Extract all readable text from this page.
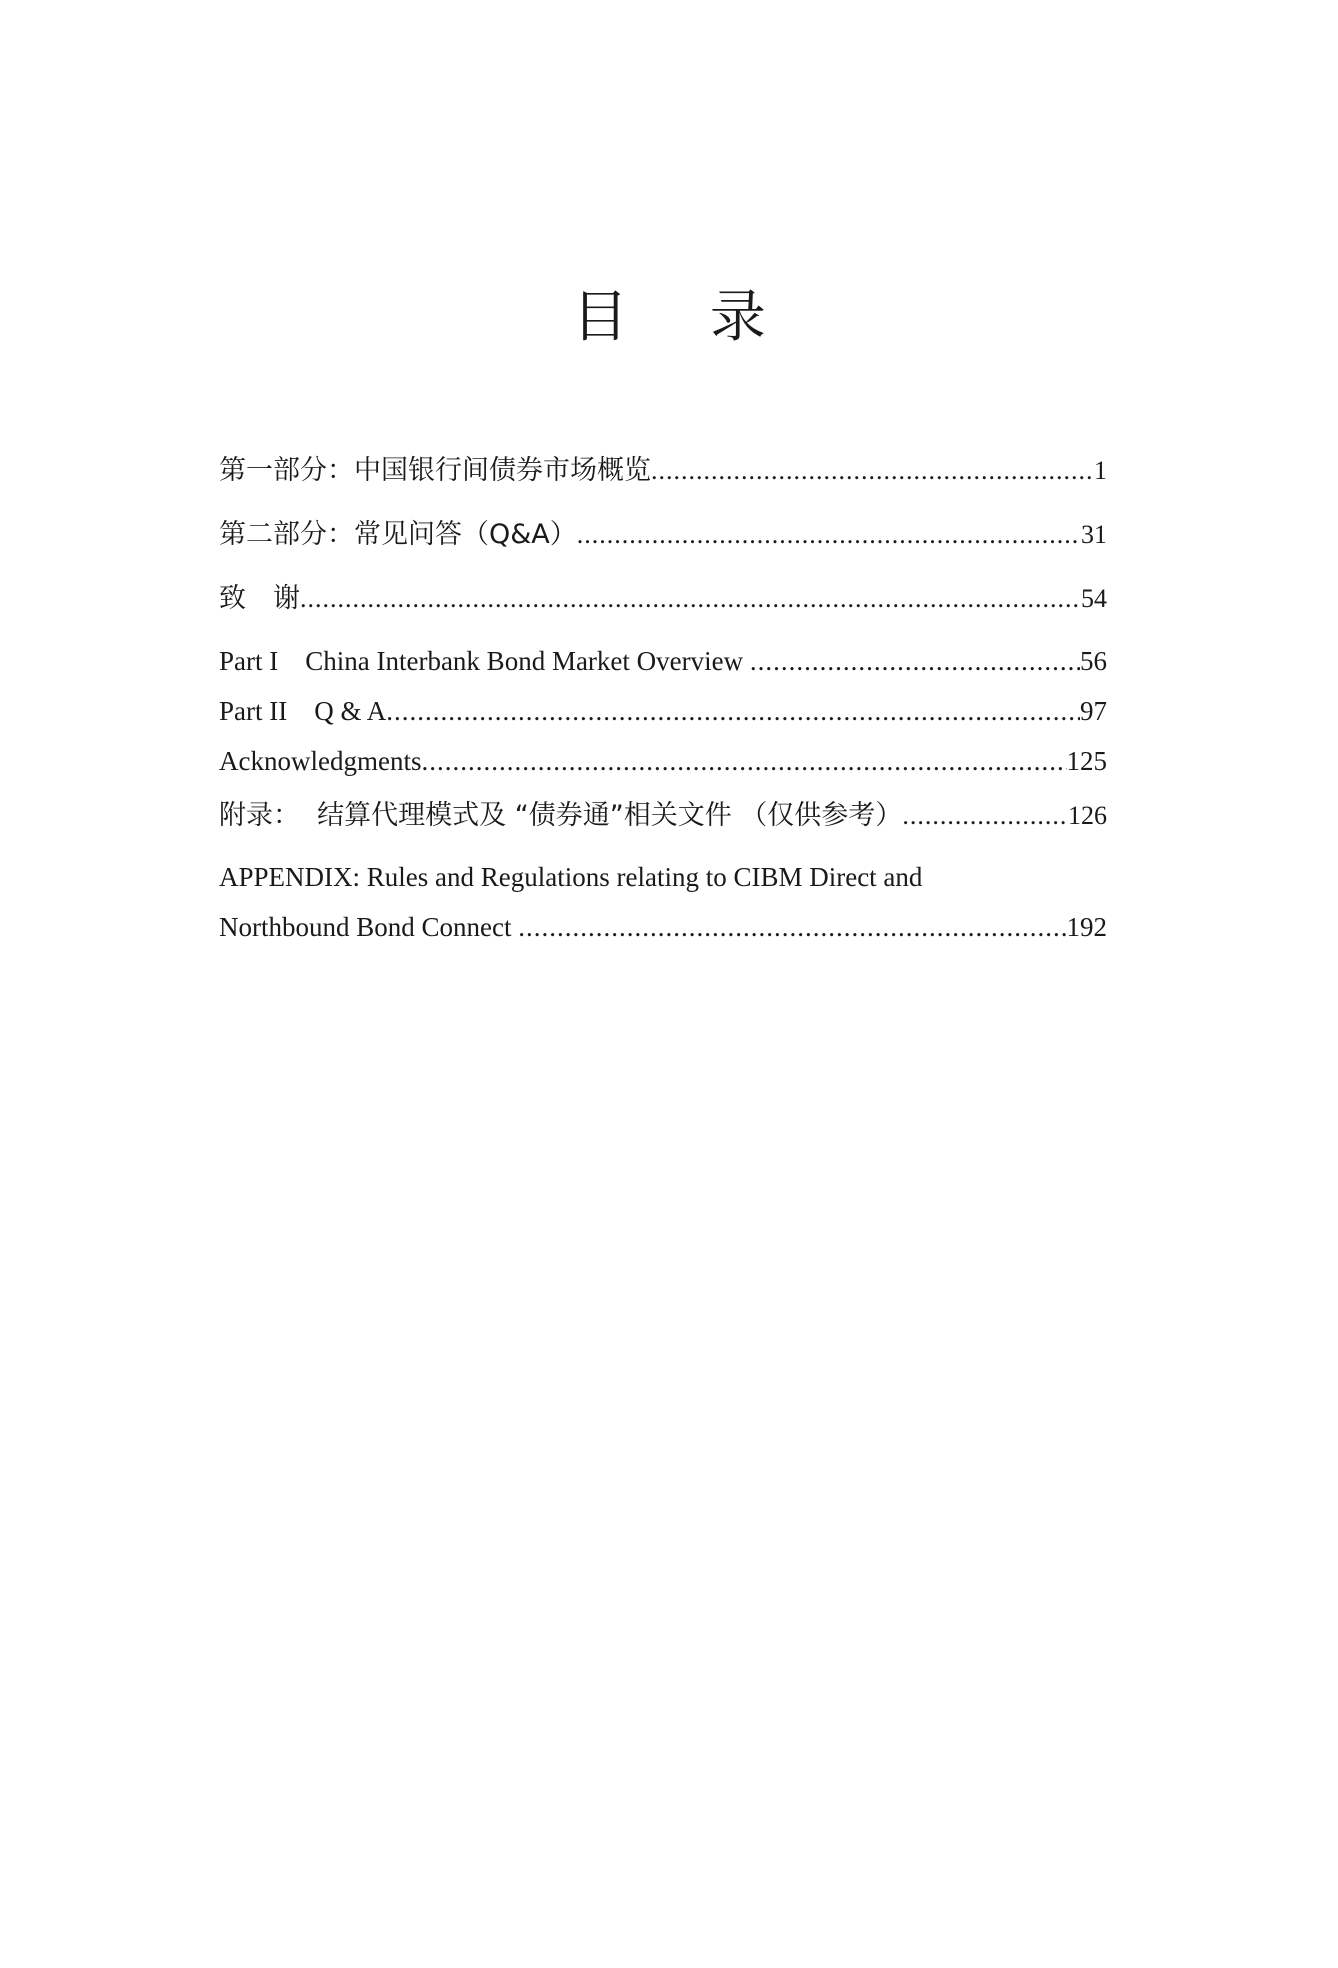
目 录
第一部分：中国银行间债券市场概览 .....	1
第二部分：常见问答（Q&A） .....	31
致　谢 .....	54
Part I    China Interbank Bond Market Overview .....	56
Part II    Q & A .....	97
Acknowledgments .....	125
附录：  结算代理模式及 “债券通”相关文件 （仅供参考） .....	126
APPENDIX: Rules and Regulations relating to CIBM Direct and
Northbound Bond Connect .....	192
